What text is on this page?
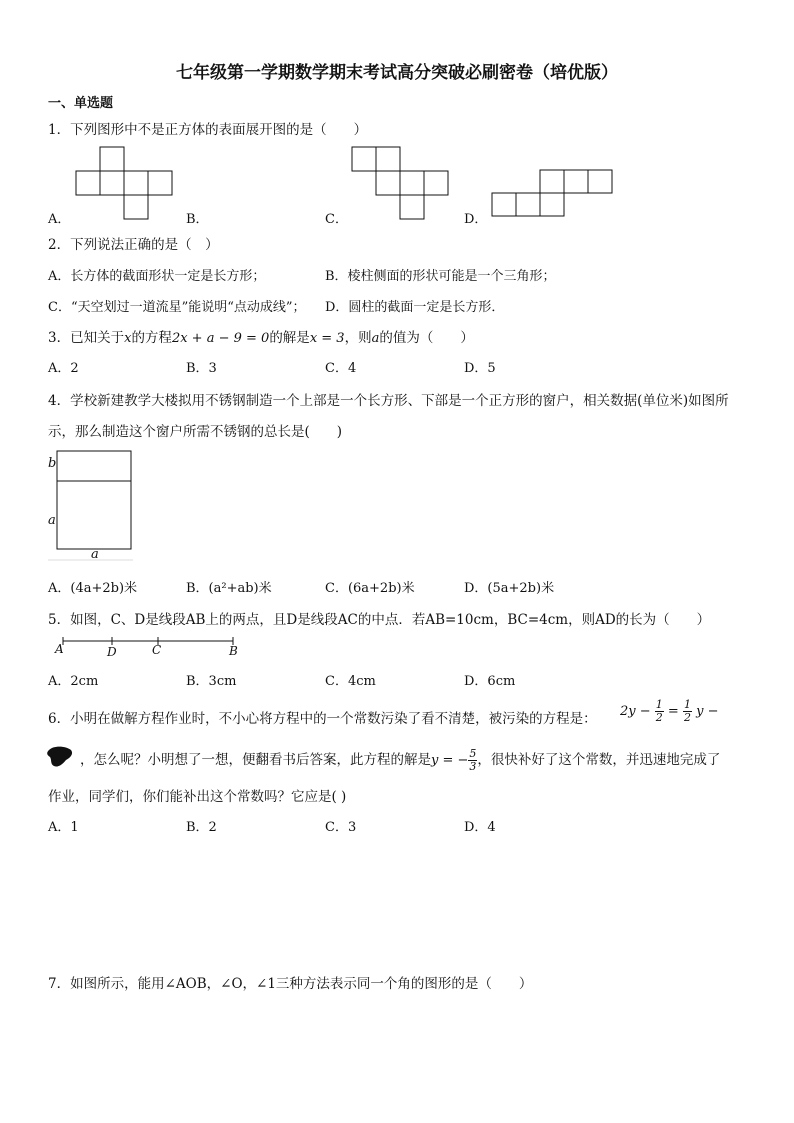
七年级第一学期数学期末考试高分突破必刷密卷（培优版）
一、单选题
1．下列图形中不是正方体的表面展开图的是（　　）
A．	B．	C．	D．
2．下列说法正确的是（　）
A．长方体的截面形状一定是长方形；	B．棱柱侧面的形状可能是一个三角形；
C．“天空划过一道流星”能说明“点动成线”； D．圆柱的截面一定是长方形．
3．已知关于x的方程2x + a − 9 = 0的解是x = 3，则a的值为（　　）
A．2	B．3	C．4	D．5
4．学校新建教学大楼拟用不锈钢制造一个上部是一个长方形、下部是一个正方形的窗户，相关数据(单位米)如图所
示，那么制造这个窗户所需不锈钢的总长是(　　)
b
a
a
A．(4a+2b)米	B．(a²+ab)米	C．(6a+2b)米	D．(5a+2b)米
5．如图，C、D是线段AB上的两点，且D是线段AC的中点．若AB=10cm，BC=4cm，则AD的长为（　　）
A	D	C	B
A．2cm	B．3cm	C．4cm	D．6cm
6．小明在做解方程作业时，不小心将方程中的一个常数污染了看不清楚，被污染的方程是： $2y - \frac{1}{2} = \frac{1}{2}$ y −
，怎么呢？小明想了一想，便翻看书后答案，此方程的解是y = − $\frac{5}{3}$ ，很快补好了这个常数，并迅速地完成了
作业，同学们，你们能补出这个常数吗？它应是( )
A．1	B．2	C．3	D．4
7．如图所示，能用∠AOB，∠O，∠1三种方法表示同一个角的图形的是（　　）
